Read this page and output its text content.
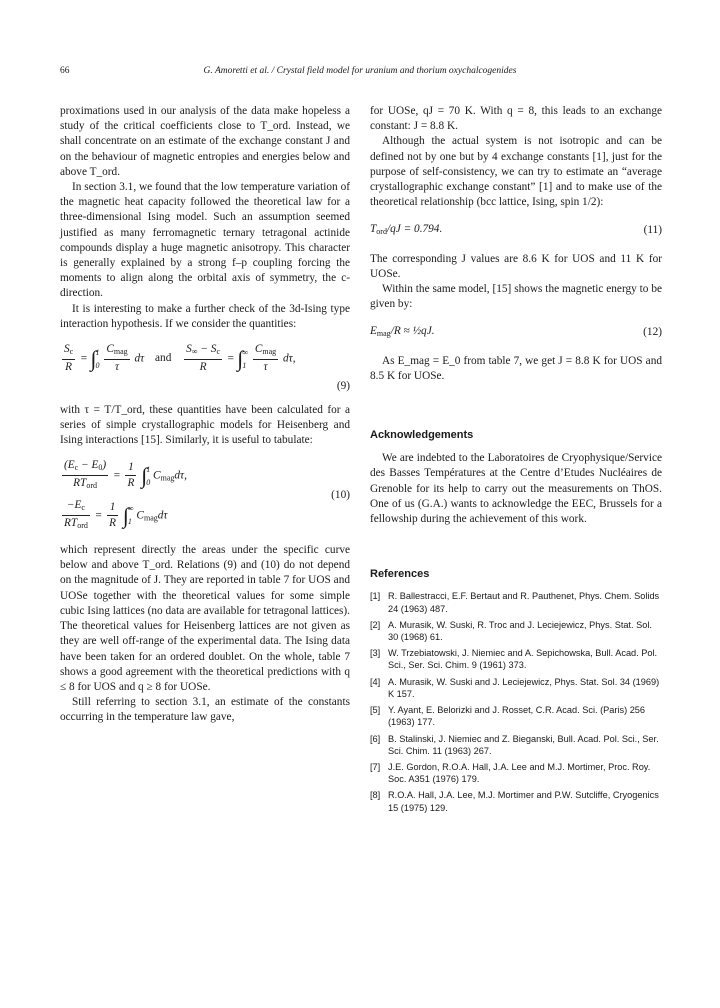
66	G. Amoretti et al. / Crystal field model for uranium and thorium oxychalcogenides

proximations used in our analysis of the data make hopeless a study of the critical coefficients close to T_ord. Instead, we shall concentrate on an estimate of the exchange constant J and on the behaviour of magnetic entropies and energies below and above T_ord.

In section 3.1, we found that the low temperature variation of the magnetic heat capacity followed the theoretical law for a three-dimensional Ising model. Such an assumption seemed justified as many ferromagnetic ternary tetragonal actinide compounds display a huge magnetic anisotropy. This character is generally explained by a strong f–p coupling forcing the moments to align along the orbital axis of symmetry, the c-direction.

It is interesting to make a further check of the 3d-Ising type interaction hypothesis. If we consider the quantities:

$\frac{S_c}{R}$ = ∫ 1
0
$\frac{C_{mag}}{\tau}$ dτ and $\frac{S_\infty - S_c}{R}$ = ∫ ∞
1
$\frac{C_{mag}}{\tau} d\tau$,
(9)

with τ = T/T_ord, these quantities have been calculated for a series of simple crystallographic models for Heisenberg and Ising interactions [15]. Similarly, it is useful to tabulate:

$\frac{(E_c - E_0)}{RT_{ord}} = \frac{1}{R}$ ∫ 1
0
$C_{mag}d\tau$,
$\frac{-E_c}{RT_{ord}} = \frac{1}{R}$ ∫ ∞
1
$C_{mag}d\tau$
(10)

which represent directly the areas under the specific curve below and above T_ord. Relations (9) and (10) do not depend on the magnitude of J. They are reported in table 7 for UOS and UOSe together with the theoretical values for some simple cubic Ising lattices (no data are available for tetragonal lattices). The theoretical values for Heisenberg lattices are not given as they are well off-range of the experimental data. The Ising data have been taken for an ordered doublet. On the whole, table 7 shows a good agreement with the theoretical predictions with q ≤ 8 for UOS and q ≥ 8 for UOSe.

Still referring to section 3.1, an estimate of the constants occurring in the temperature law gave,

for UOSe, qJ = 70 K. With q = 8, this leads to an exchange constant: J = 8.8 K.

Although the actual system is not isotropic and can be defined not by one but by 4 exchange constants [1], just for the purpose of self-consistency, we can try to estimate an “average crystallographic exchange constant” [1] and to make use of the theoretical relationship (bcc lattice, Ising, spin 1/2):

$T_{ord}/qJ = 0.794$.	(11)

The corresponding J values are 8.6 K for UOS and 11 K for UOSe.

Within the same model, [15] shows the magnetic energy to be given by:

$E_{mag}/R$ ≈ ½qJ.	(12)

As E_mag = E_0 from table 7, we get J = 8.8 K for UOS and 8.5 K for UOSe.

Acknowledgements

We are indebted to the Laboratoires de Cryophysique/Service des Basses Températures at the Centre d’Etudes Nucléaires de Grenoble for its help to carry out the measurements on ThOS. One of us (G.A.) wants to acknowledge the EEC, Brussels for a fellowship during the achievement of this work.

References
[1] R. Ballestracci, E.F. Bertaut and R. Pauthenet, Phys. Chem. Solids 24 (1963) 487.
[2] A. Murasik, W. Suski, R. Troc and J. Leciejewicz, Phys. Stat. Sol. 30 (1968) 61.
[3] W. Trzebiatowski, J. Niemiec and A. Sepichowska, Bull. Acad. Pol. Sci., Ser. Sci. Chim. 9 (1961) 373.
[4] A. Murasik, W. Suski and J. Leciejewicz, Phys. Stat. Sol. 34 (1969) K 157.
[5] Y. Ayant, E. Belorizki and J. Rosset, C.R. Acad. Sci. (Paris) 256 (1963) 177.
[6] B. Stalinski, J. Niemiec and Z. Bieganski, Bull. Acad. Pol. Sci., Ser. Sci. Chim. 11 (1963) 267.
[7] J.E. Gordon, R.O.A. Hall, J.A. Lee and M.J. Mortimer, Proc. Roy. Soc. A351 (1976) 179.
[8] R.O.A. Hall, J.A. Lee, M.J. Mortimer and P.W. Sutcliffe, Cryogenics 15 (1975) 129.
